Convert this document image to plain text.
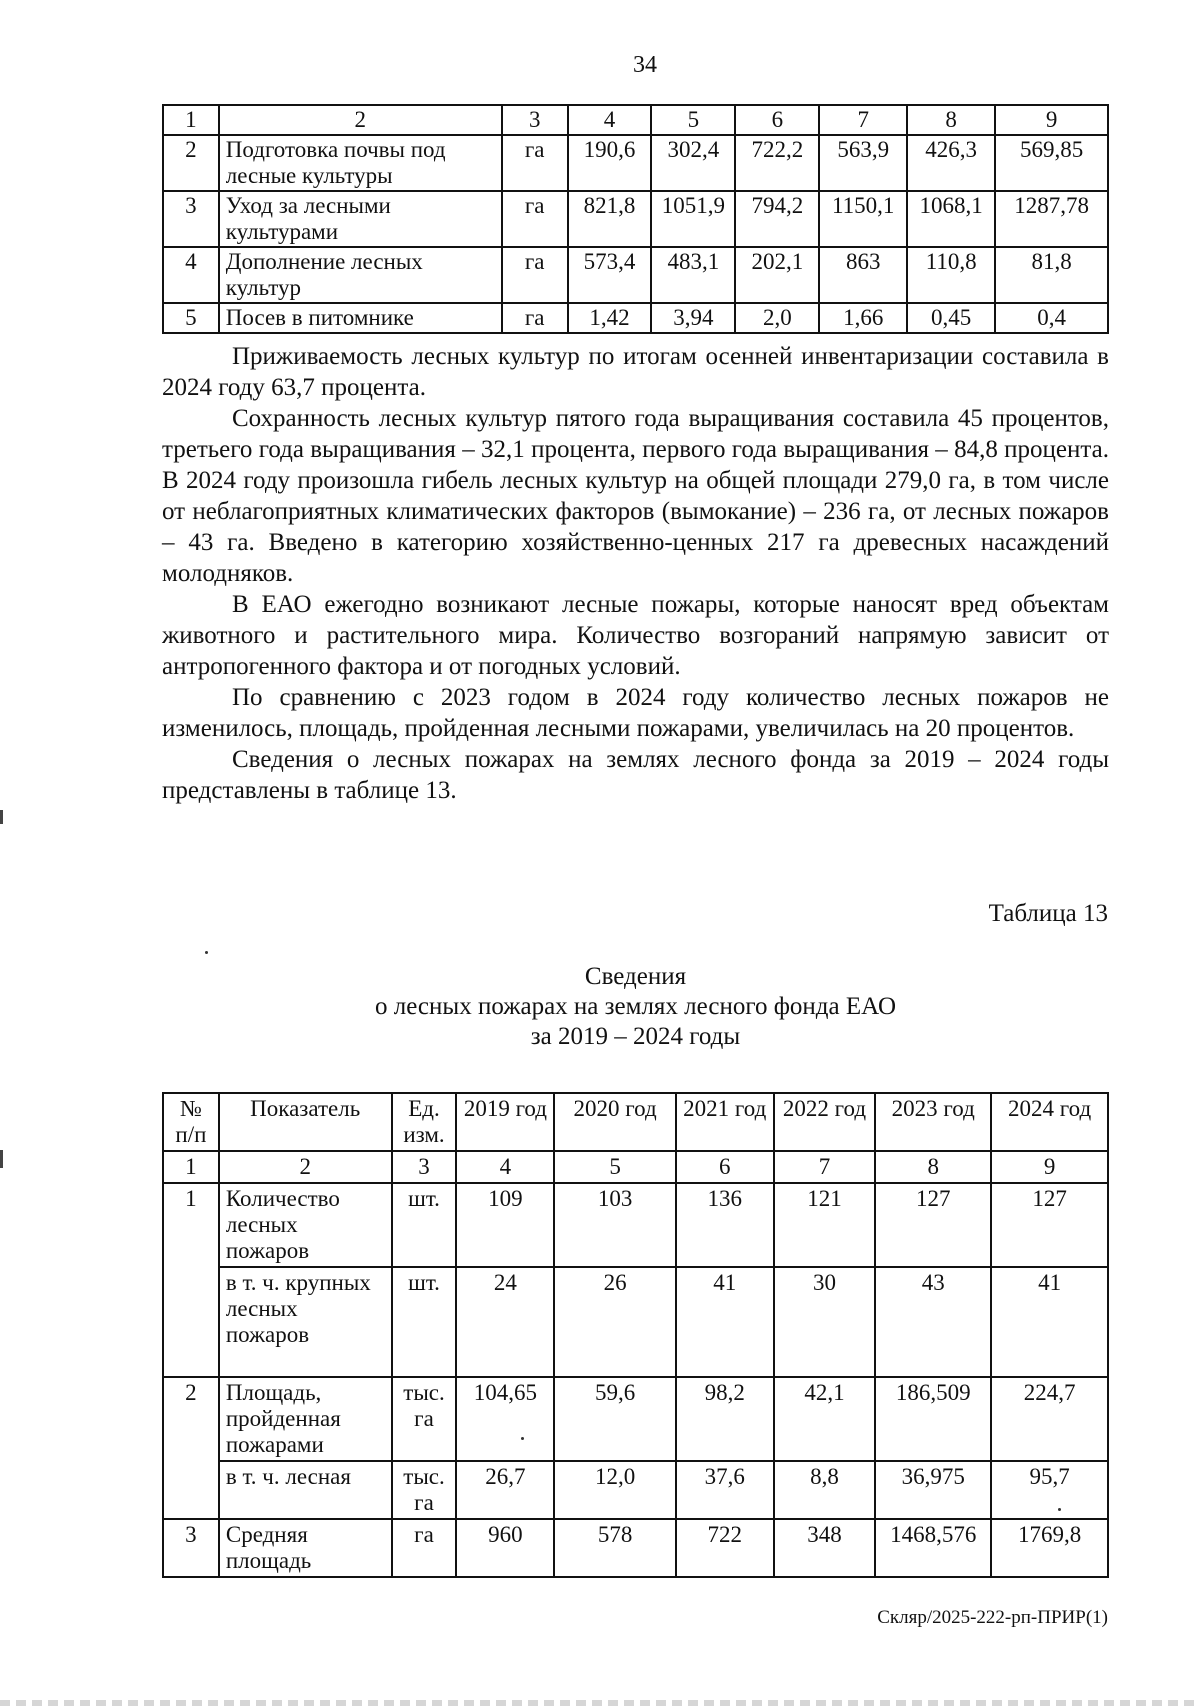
34
1	2	3	4	5	6	7	8	9
2	Подготовка почвы под лесные культуры	га	190,6	302,4	722,2	563,9	426,3	569,85
3	Уход за лесными культурами	га	821,8	1051,9	794,2	1150,1	1068,1	1287,78
4	Дополнение лесных культур	га	573,4	483,1	202,1	863	110,8	81,8
5	Посев в питомнике	га	1,42	3,94	2,0	1,66	0,45	0,4

Приживаемость лесных культур по итогам осенней инвентаризации составила в 2024 году 63,7 процента.

Сохранность лесных культур пятого года выращивания составила 45 процентов, третьего года выращивания – 32,1 процента, первого года выращивания – 84,8 процента. В 2024 году произошла гибель лесных культур на общей площади 279,0 га, в том числе от неблагоприятных климатических факторов (вымокание) – 236 га, от лесных пожаров – 43 га. Введено в категорию хозяйственно-ценных 217 га древесных насаждений молодняков.

В ЕАО ежегодно возникают лесные пожары, которые наносят вред объектам животного и растительного мира. Количество возгораний напрямую зависит от антропогенного фактора и от погодных условий.

По сравнению с 2023 годом в 2024 году количество лесных пожаров не изменилось, площадь, пройденная лесными пожарами, увеличилась на 20 процентов.

Сведения о лесных пожарах на землях лесного фонда за 2019 – 2024 годы представлены в таблице 13.

Таблица 13
Сведения
о лесных пожарах на землях лесного фонда ЕАО
за 2019 – 2024 годы
№ п/п	Показатель	Ед. изм.	2019 год	2020 год	2021 год	2022 год	2023 год	2024 год
1	2	3	4	5	6	7	8	9
1	Количество лесных пожаров	шт.	109	103	136	121	127	127
	в т. ч. крупных лесных пожаров	шт.	24	26	41	30	43	41
2	Площадь, пройденная пожарами	тыс. га	104,65	59,6	98,2	42,1	186,509	224,7
	в т. ч. лесная	тыс. га	26,7	12,0	37,6	8,8	36,975	95,7
3	Средняя площадь	га	960	578	722	348	1468,576	1769,8
Скляр/2025-222-рп-ПРИР(1)
